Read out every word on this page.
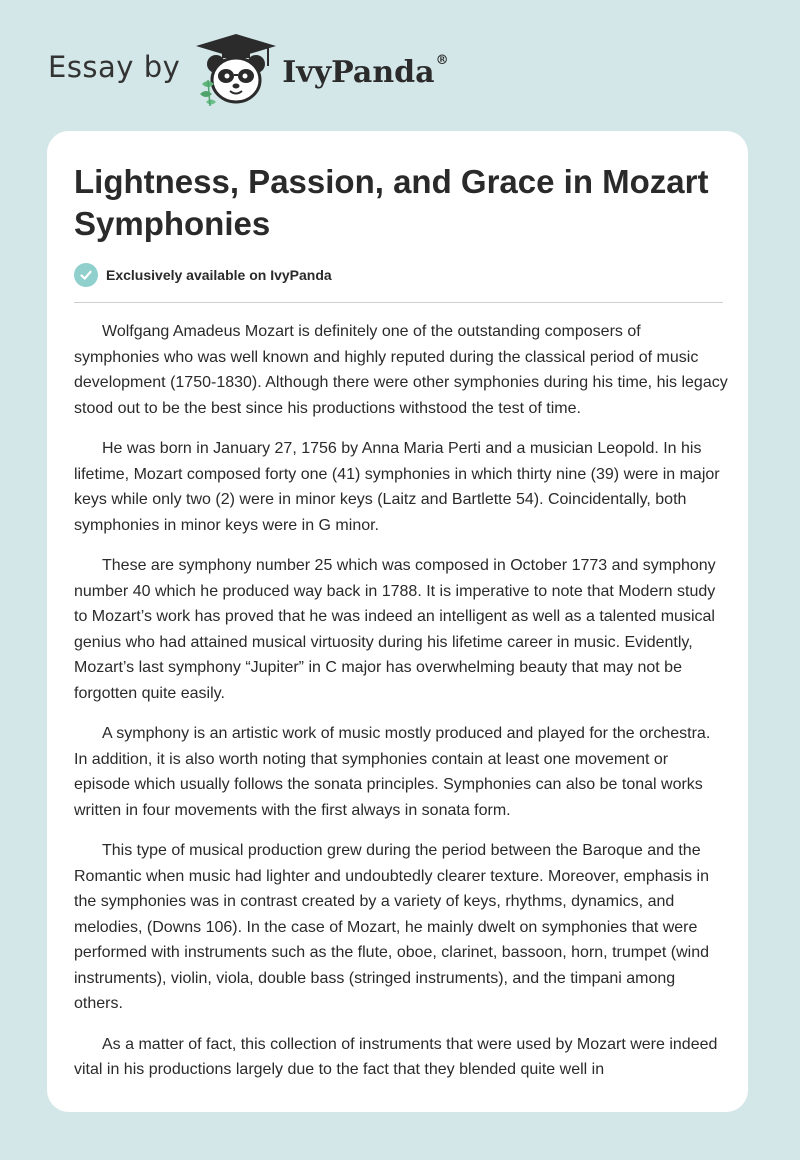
Essay by	IvyPanda®
Lightness, Passion, and Grace in Mozart Symphonies
Exclusively available on IvyPanda

Wolfgang Amadeus Mozart is definitely one of the outstanding composers of symphonies who was well known and highly reputed during the classical period of music development (1750-1830). Although there were other symphonies during his time, his legacy stood out to be the best since his productions withstood the test of time.

He was born in January 27, 1756 by Anna Maria Perti and a musician Leopold. In his lifetime, Mozart composed forty one (41) symphonies in which thirty nine (39) were in major keys while only two (2) were in minor keys (Laitz and Bartlette 54). Coincidentally, both symphonies in minor keys were in G minor.

These are symphony number 25 which was composed in October 1773 and symphony number 40 which he produced way back in 1788. It is imperative to note that Modern study to Mozart’s work has proved that he was indeed an intelligent as well as a talented musical genius who had attained musical virtuosity during his lifetime career in music. Evidently, Mozart’s last symphony “Jupiter” in C major has overwhelming beauty that may not be forgotten quite easily.

A symphony is an artistic work of music mostly produced and played for the orchestra. In addition, it is also worth noting that symphonies contain at least one movement or episode which usually follows the sonata principles. Symphonies can also be tonal works written in four movements with the first always in sonata form.

This type of musical production grew during the period between the Baroque and the Romantic when music had lighter and undoubtedly clearer texture. Moreover, emphasis in the symphonies was in contrast created by a variety of keys, rhythms, dynamics, and melodies, (Downs 106). In the case of Mozart, he mainly dwelt on symphonies that were performed with instruments such as the flute, oboe, clarinet, bassoon, horn, trumpet (wind instruments), violin, viola, double bass (stringed instruments), and the timpani among others.

As a matter of fact, this collection of instruments that were used by Mozart were indeed vital in his productions largely due to the fact that they blended quite well in
